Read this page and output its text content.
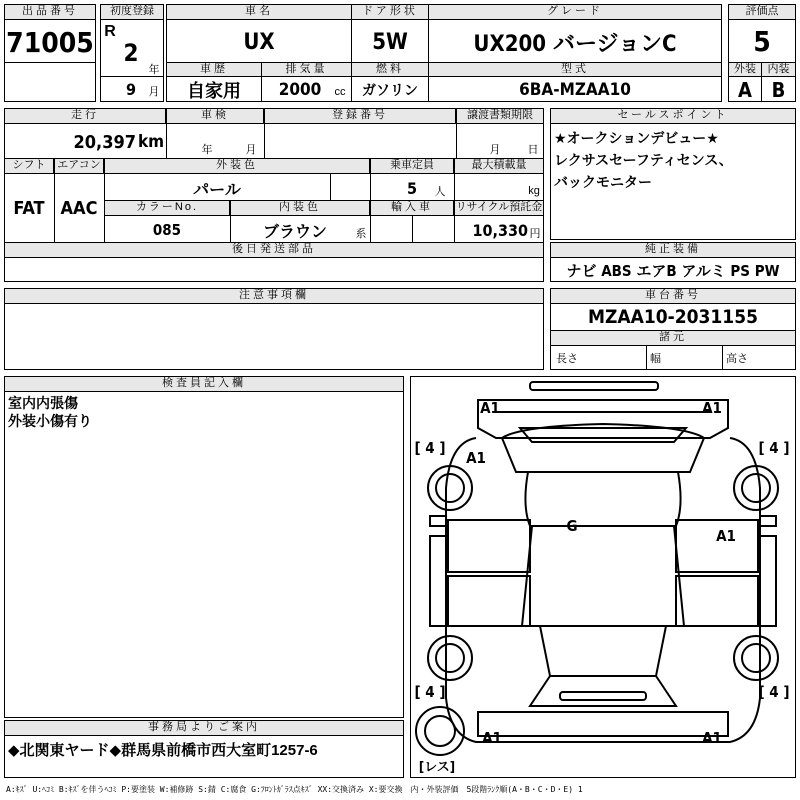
出品番号
71005
初度登録
R
2
年
9	月
車名
UX
ドア形状
5W
グレード
UX200 バージョンC
車歴
自家用
排気量
2000	cc
燃料
ガソリン
型式
6BA-MZAA10
評価点
5
外装	内装
A B
走行
20,397 km
車検
年	月
登録番号	譲渡書類期限
月 日
シフト
FAT
エアコン
AAC
外装色
パール
乗車定員
5	人
最大積載量
kg
カラーNo.
085
内装色
ブラウン	系
輸入車	リサイクル預託金
10,330 円
後日発送部品
セールスポイント
★オークションデビュー★
レクサスセーフティセンス、
バックモニター
純正装備
ナビ ABS エアB アルミ PS PW
注意事項欄	車台番号
MZAA10-2031155
諸元
長さ	幅	高さ
検査員記入欄
室内内張傷
外装小傷有り
事務局よりご案内
◆北関東ヤード◆群馬県前橋市西大室町1257-6
A1	A1
A1
G
A1
A1	A1
[ 4 ]	[ 4 ]
[ 4 ]	[ 4 ]
[レス]
A:ｷｽﾞ U:ﾍｺﾐ B:ｷｽﾞを伴うﾍｺﾐ P:要塗装 W:補修跡 S:錆 C:腐食 G:ﾌﾛﾝﾄｶﾞﾗｽ点ｷｽﾞ XX:交換済み X:要交換　内・外装評価　5段階ﾗﾝｸ順(A・B・C・D・E) 1
